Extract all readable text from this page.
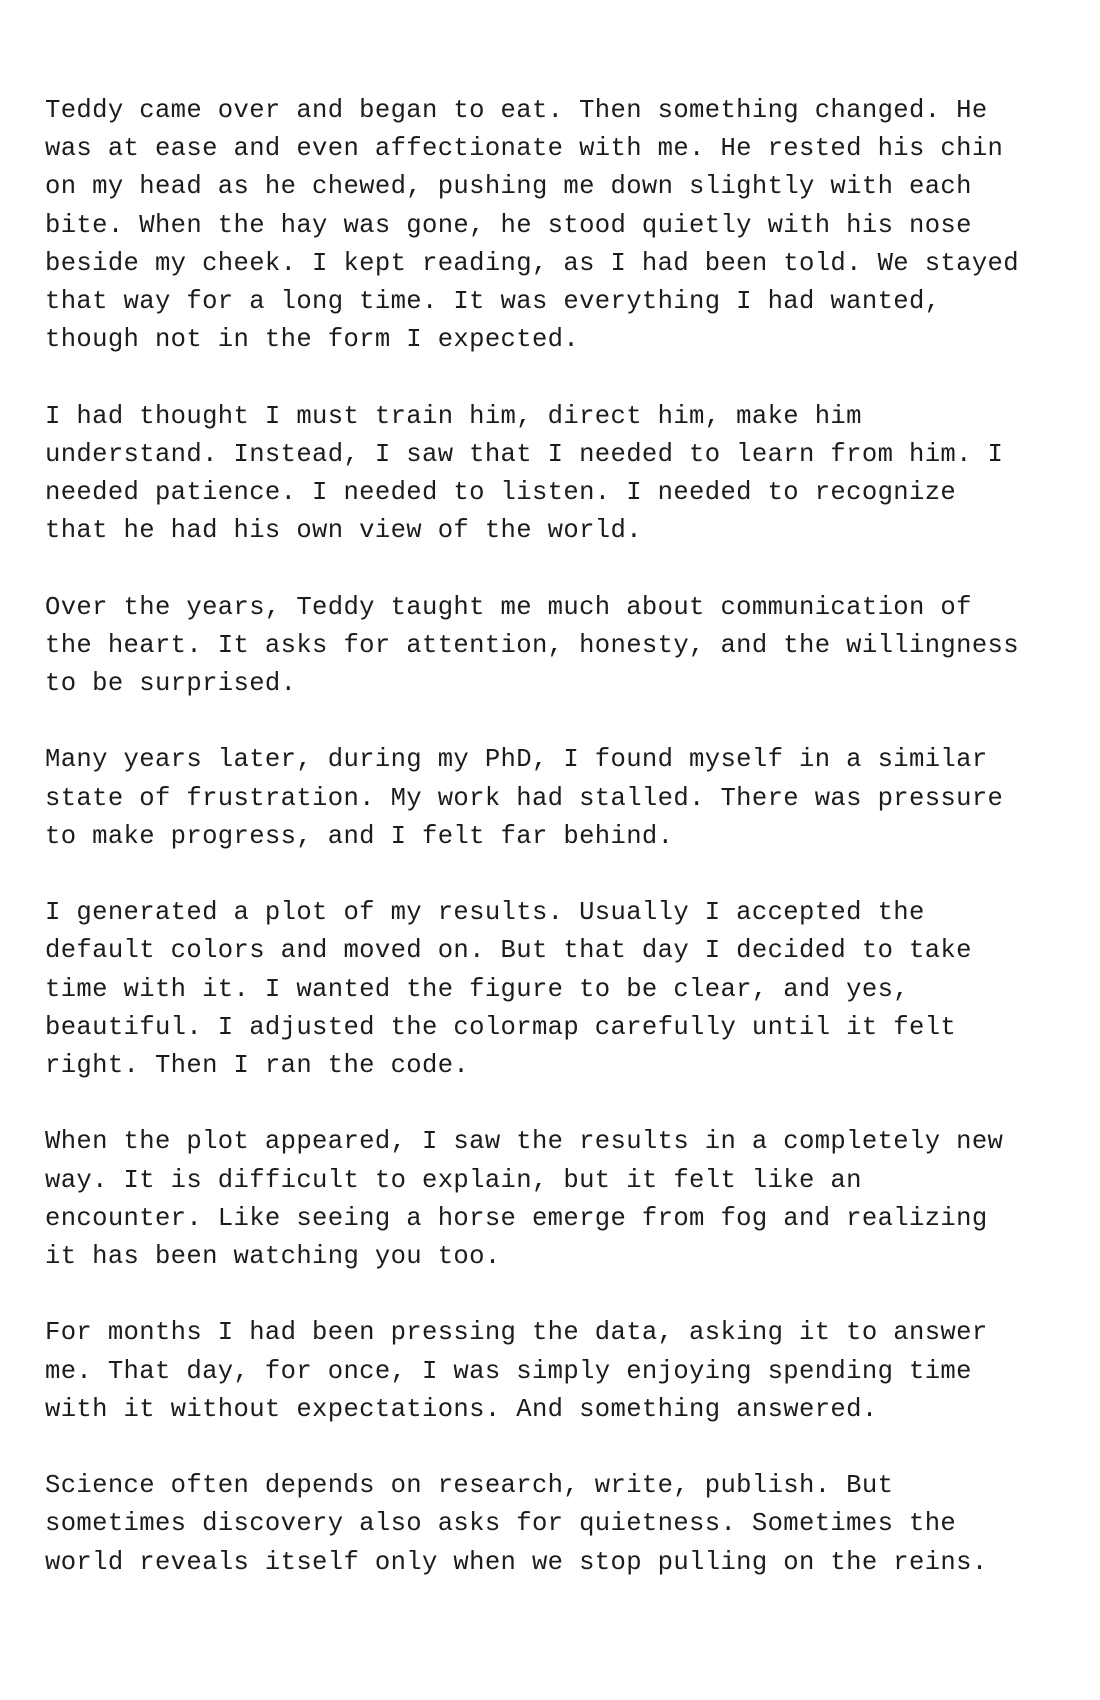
Teddy came over and began to eat. Then something changed. He
was at ease and even affectionate with me. He rested his chin
on my head as he chewed, pushing me down slightly with each
bite. When the hay was gone, he stood quietly with his nose
beside my cheek. I kept reading, as I had been told. We stayed
that way for a long time. It was everything I had wanted,
though not in the form I expected.

I had thought I must train him, direct him, make him
understand. Instead, I saw that I needed to learn from him. I
needed patience. I needed to listen. I needed to recognize
that he had his own view of the world.

Over the years, Teddy taught me much about communication of
the heart. It asks for attention, honesty, and the willingness
to be surprised.

Many years later, during my PhD, I found myself in a similar
state of frustration. My work had stalled. There was pressure
to make progress, and I felt far behind.

I generated a plot of my results. Usually I accepted the
default colors and moved on. But that day I decided to take
time with it. I wanted the figure to be clear, and yes,
beautiful. I adjusted the colormap carefully until it felt
right. Then I ran the code.

When the plot appeared, I saw the results in a completely new
way. It is difficult to explain, but it felt like an
encounter. Like seeing a horse emerge from fog and realizing
it has been watching you too.

For months I had been pressing the data, asking it to answer
me. That day, for once, I was simply enjoying spending time
with it without expectations. And something answered.

Science often depends on research, write, publish. But
sometimes discovery also asks for quietness. Sometimes the
world reveals itself only when we stop pulling on the reins.
